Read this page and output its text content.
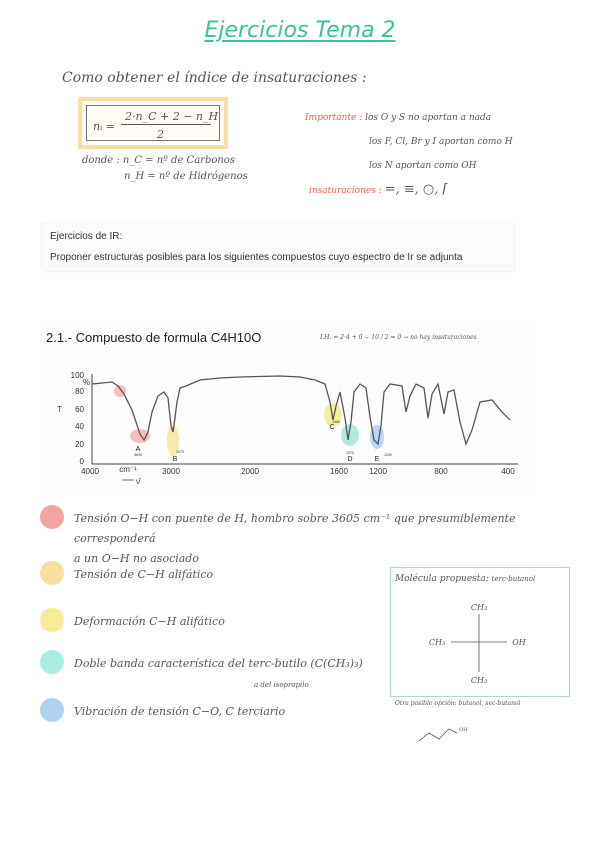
Ejercicios Tema 2
Como obtener el índice de insaturaciones :
nᵢ =
2·n_C + 2 − n_H
2
donde : n_C = nº de Carbonos
n_H = nº de Hidrógenos
Importante : los O y S no aportan a nada
los F, Cl, Br y I aportan como H
los N aportan como OH
insaturaciones : =, ≡, ○, ⌈
Ejercicios de IR:
Proponer estructuras posibles para los siguientes compuestos cuyo espectro de Ir se adjunta
2.1.- Compuesto de formula C4H10O	I.H. = 2·4 + 0 − 10 / 2 = 0 → no hay insaturaciones
100
80
60
40
20
0
%
T
4000	3000	2000	1600	1200	800	400
cm⁻¹
ν̄
A
B
C
D	E
3605
2970
1466
1370	1200
Tensión O−H con puente de H, hombro sobre 3605 cm⁻¹ que presumiblemente corresponderá
a un O−H no asociado
Tensión de C−H alifático
Deformación C−H alifático
Doble banda característica del terc-butilo (C(CH₃)₃)
a del isopropilo
Vibración de tensión C−O, C terciario
Molécula propuesta: terc-butanol
CH₃
CH₃	OH
CH₃
Otra posible opción: butanol, sec-butanol
OH
